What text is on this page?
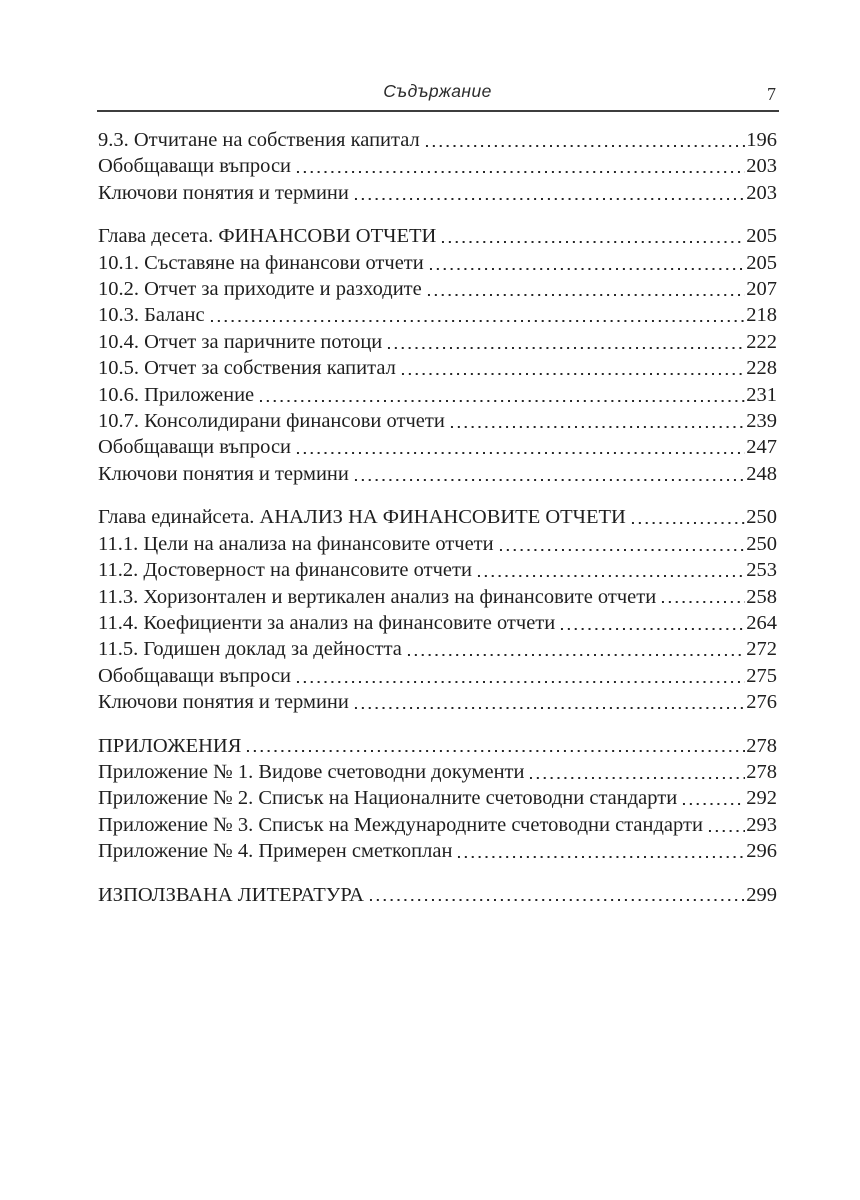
Съдържание	7
9.3. Отчитане на собствения капитал	196
Обобщаващи въпроси	203
Ключови понятия и термини	203
Глава десета. ФИНАНСОВИ ОТЧЕТИ	205
10.1. Съставяне на финансови отчети	205
10.2. Отчет за приходите и разходите	207
10.3. Баланс	218
10.4. Отчет за паричните потоци	222
10.5. Отчет за собствения капитал	228
10.6. Приложение	231
10.7. Консолидирани финансови отчети	239
Обобщаващи въпроси	247
Ключови понятия и термини	248
Глава единайсета. АНАЛИЗ НА ФИНАНСОВИТЕ ОТЧЕТИ	250
11.1. Цели на анализа на финансовите отчети	250
11.2. Достоверност на финансовите отчети	253
11.3. Хоризонтален и вертикален анализ на финансовите отчети	258
11.4. Коефициенти за анализ на финансовите отчети	264
11.5. Годишен доклад за дейността	272
Обобщаващи въпроси	275
Ключови понятия и термини	276
ПРИЛОЖЕНИЯ	278
Приложение № 1. Видове счетоводни документи	278
Приложение № 2. Списък на Националните счетоводни стандарти	292
Приложение № 3. Списък на Международните счетоводни стандарти 293
Приложение № 4. Примерен сметкоплан	296
ИЗПОЛЗВАНА ЛИТЕРАТУРА	299
